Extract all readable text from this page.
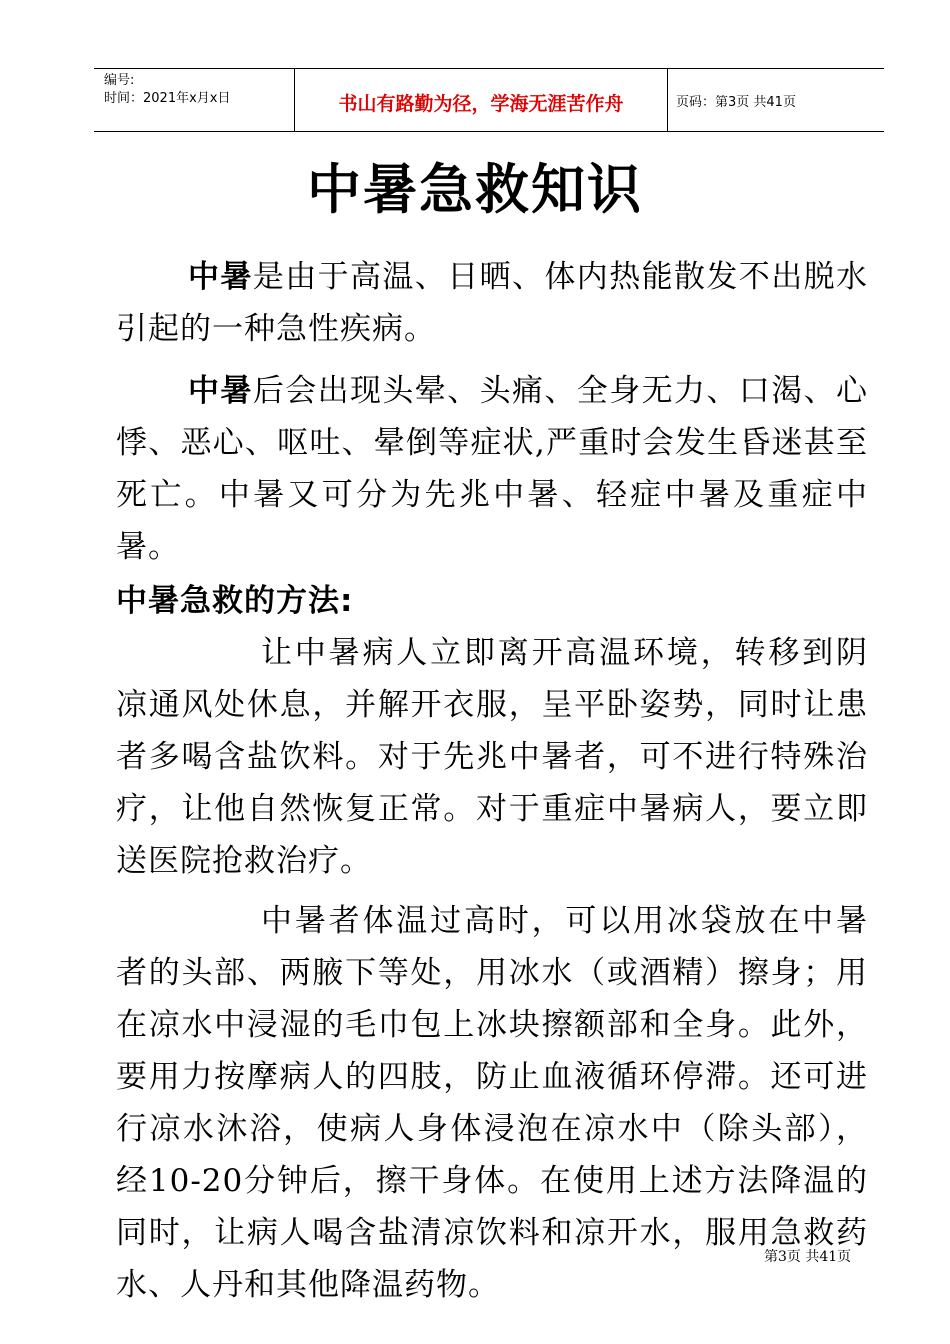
编号:
时间：2021年x月x日	书山有路勤为径，学海无涯苦作舟	页码：第3页 共41页
中暑急救知识

中暑是由于高温、日晒、体内热能散发不出脱水引起的一种急性疾病。

中暑后会出现头晕、头痛、全身无力、口渴、心悸、恶心、呕吐、晕倒等症状,严重时会发生昏迷甚至死亡。中暑又可分为先兆中暑、轻症中暑及重症中暑。

中暑急救的方法:

让中暑病人立即离开高温环境，转移到阴凉通风处休息，并解开衣服，呈平卧姿势，同时让患者多喝含盐饮料。对于先兆中暑者，可不进行特殊治疗，让他自然恢复正常。对于重症中暑病人，要立即送医院抢救治疗。

中暑者体温过高时，可以用冰袋放在中暑者的头部、两腋下等处，用冰水（或酒精）擦身；用在凉水中浸湿的毛巾包上冰块擦额部和全身。此外，要用力按摩病人的四肢，防止血液循环停滞。还可进行凉水沐浴，使病人身体浸泡在凉水中（除头部），经10-20分钟后，擦干身体。在使用上述方法降温的同时，让病人喝含盐清凉饮料和凉开水，服用急救药水、人丹和其他降温药物。

第3页 共41页
